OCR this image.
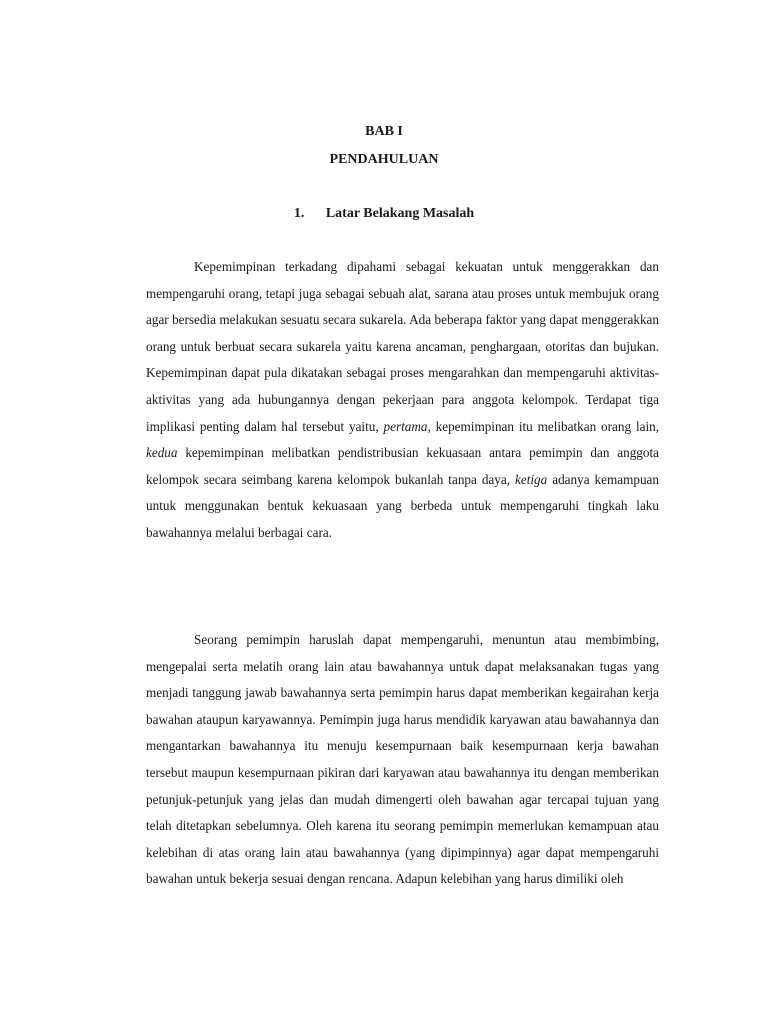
BAB I
PENDAHULUAN
1. Latar Belakang Masalah

Kepemimpinan terkadang dipahami sebagai kekuatan untuk menggerakkan dan mempengaruhi orang, tetapi juga sebagai sebuah alat, sarana atau proses untuk membujuk orang agar bersedia melakukan sesuatu secara sukarela. Ada beberapa faktor yang dapat menggerakkan orang untuk berbuat secara sukarela yaitu karena ancaman, penghargaan, otoritas dan bujukan. Kepemimpinan dapat pula dikatakan sebagai proses mengarahkan dan mempengaruhi aktivitas-aktivitas yang ada hubungannya dengan pekerjaan para anggota kelompok. Terdapat tiga implikasi penting dalam hal tersebut yaitu, pertama, kepemimpinan itu melibatkan orang lain, kedua kepemimpinan melibatkan pendistribusian kekuasaan antara pemimpin dan anggota kelompok secara seimbang karena kelompok bukanlah tanpa daya, ketiga adanya kemampuan untuk menggunakan bentuk kekuasaan yang berbeda untuk mempengaruhi tingkah laku bawahannya melalui berbagai cara.

Seorang pemimpin haruslah dapat mempengaruhi, menuntun atau membimbing, mengepalai serta melatih orang lain atau bawahannya untuk dapat melaksanakan tugas yang menjadi tanggung jawab bawahannya serta pemimpin harus dapat memberikan kegairahan kerja bawahan ataupun karyawannya. Pemimpin juga harus mendidik karyawan atau bawahannya dan mengantarkan bawahannya itu menuju kesempurnaan baik kesempurnaan kerja bawahan tersebut maupun kesempurnaan pikiran dari karyawan atau bawahannya itu dengan memberikan petunjuk-petunjuk yang jelas dan mudah dimengerti oleh bawahan agar tercapai tujuan yang telah ditetapkan sebelumnya. Oleh karena itu seorang pemimpin memerlukan kemampuan atau kelebihan di atas orang lain atau bawahannya (yang dipimpinnya) agar dapat mempengaruhi bawahan untuk bekerja sesuai dengan rencana. Adapun kelebihan yang harus dimiliki oleh
